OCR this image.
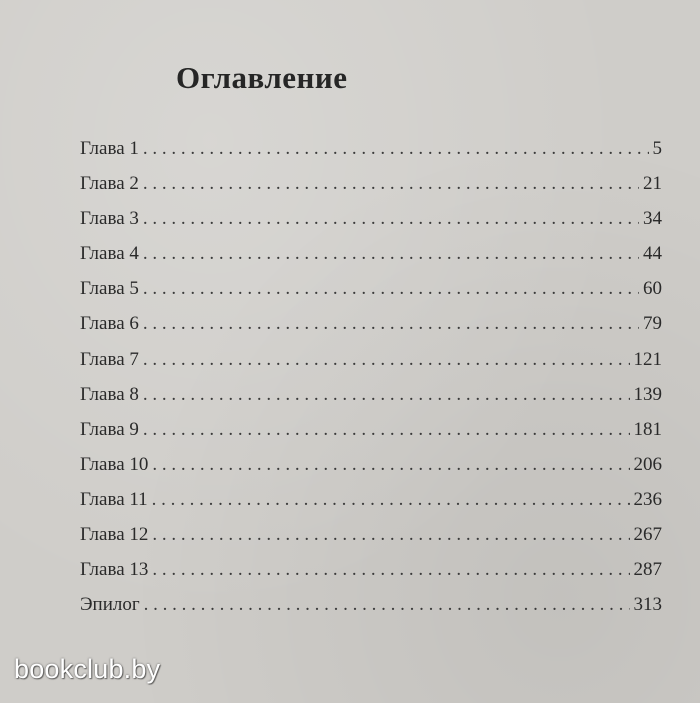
Оглавление
Глава 1 . . .	5
Глава 2 . . .	21
Глава 3 . . .	34
Глава 4 . . .	44
Глава 5 . . .	60
Глава 6 . . .	79
Глава 7 . . .	121
Глава 8 . . .	139
Глава 9 . . .	181
Глава 10 . . .	206
Глава 11 . . .	236
Глава 12 . . .	267
Глава 13 . . .	287
Эпилог . . .	313
bookclub.by
